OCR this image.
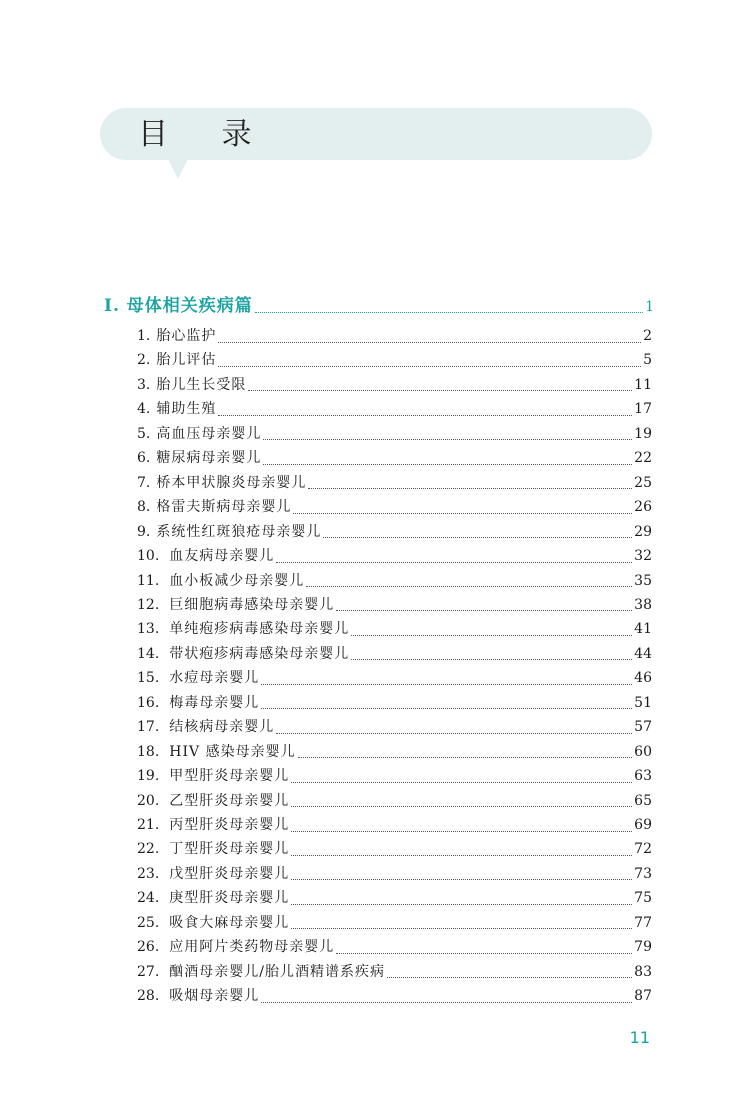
目 录
Ⅰ. 母体相关疾病篇	1
1. 胎心监护	2
2. 胎儿评估	5
3. 胎儿生长受限	11
4. 辅助生殖	17
5. 高血压母亲婴儿	19
6. 糖尿病母亲婴儿	22
7. 桥本甲状腺炎母亲婴儿	25
8. 格雷夫斯病母亲婴儿	26
9. 系统性红斑狼疮母亲婴儿	29
10. 血友病母亲婴儿	32
11. 血小板减少母亲婴儿	35
12. 巨细胞病毒感染母亲婴儿	38
13. 单纯疱疹病毒感染母亲婴儿	41
14. 带状疱疹病毒感染母亲婴儿	44
15. 水痘母亲婴儿	46
16. 梅毒母亲婴儿	51
17. 结核病母亲婴儿	57
18. HIV 感染母亲婴儿	60
19. 甲型肝炎母亲婴儿	63
20. 乙型肝炎母亲婴儿	65
21. 丙型肝炎母亲婴儿	69
22. 丁型肝炎母亲婴儿	72
23. 戊型肝炎母亲婴儿	73
24. 庚型肝炎母亲婴儿	75
25. 吸食大麻母亲婴儿	77
26. 应用阿片类药物母亲婴儿	79
27. 酗酒母亲婴儿/胎儿酒精谱系疾病	83
28. 吸烟母亲婴儿	87
11
